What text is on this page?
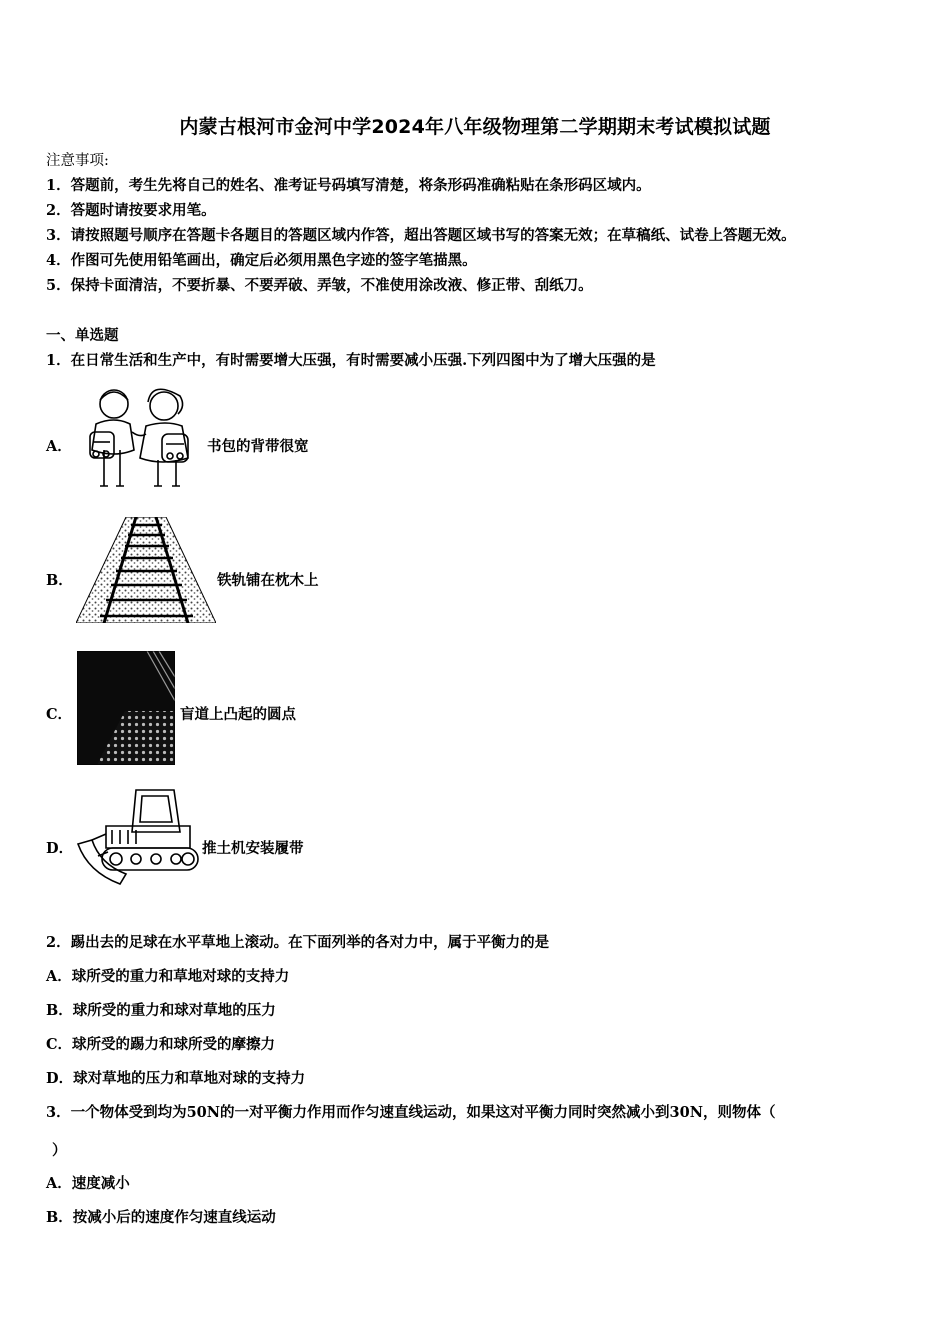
内蒙古根河市金河中学2024年八年级物理第二学期期末考试模拟试题
注意事项:
1．答题前，考生先将自己的姓名、准考证号码填写清楚，将条形码准确粘贴在条形码区域内。
2．答题时请按要求用笔。
3．请按照题号顺序在答题卡各题目的答题区域内作答，超出答题区域书写的答案无效；在草稿纸、试卷上答题无效。
4．作图可先使用铅笔画出，确定后必须用黑色字迹的签字笔描黑。
5．保持卡面清洁，不要折暴、不要弄破、弄皱，不准使用涂改液、修正带、刮纸刀。
一、单选题
1．在日常生活和生产中，有时需要增大压强，有时需要减小压强.下列四图中为了增大压强的是
A．	书包的背带很宽
B．	铁轨铺在枕木上
C．	盲道上凸起的圆点
D．	推土机安装履带
2．踢出去的足球在水平草地上滚动。在下面列举的各对力中，属于平衡力的是
A．球所受的重力和草地对球的支持力
B．球所受的重力和球对草地的压力
C．球所受的踢力和球所受的摩擦力
D．球对草地的压力和草地对球的支持力
3．一个物体受到均为50N的一对平衡力作用而作匀速直线运动，如果这对平衡力同时突然减小到30N，则物体（
）
A．速度减小
B．按减小后的速度作匀速直线运动
